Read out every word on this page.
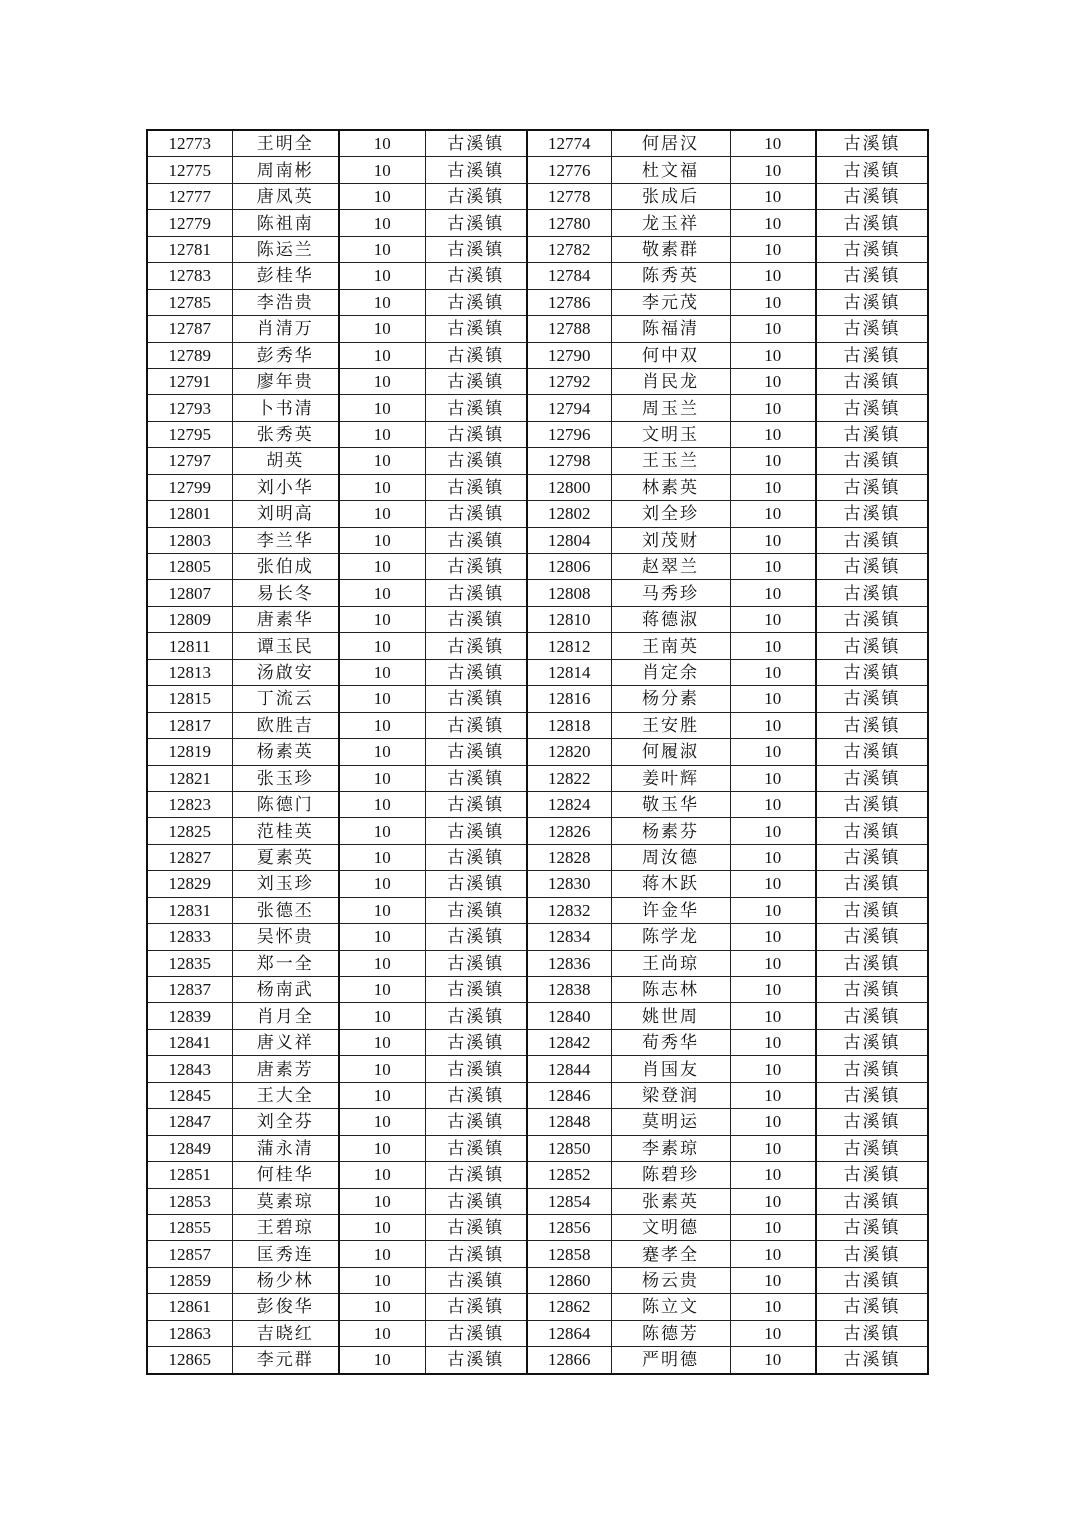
12773	王明全	10	古溪镇	12774	何居汉	10	古溪镇
12775	周南彬	10	古溪镇	12776	杜文福	10	古溪镇
12777	唐凤英	10	古溪镇	12778	张成后	10	古溪镇
12779	陈祖南	10	古溪镇	12780	龙玉祥	10	古溪镇
12781	陈运兰	10	古溪镇	12782	敬素群	10	古溪镇
12783	彭桂华	10	古溪镇	12784	陈秀英	10	古溪镇
12785	李浩贵	10	古溪镇	12786	李元茂	10	古溪镇
12787	肖清万	10	古溪镇	12788	陈福清	10	古溪镇
12789	彭秀华	10	古溪镇	12790	何中双	10	古溪镇
12791	廖年贵	10	古溪镇	12792	肖民龙	10	古溪镇
12793	卜书清	10	古溪镇	12794	周玉兰	10	古溪镇
12795	张秀英	10	古溪镇	12796	文明玉	10	古溪镇
12797	胡英	10	古溪镇	12798	王玉兰	10	古溪镇
12799	刘小华	10	古溪镇	12800	林素英	10	古溪镇
12801	刘明高	10	古溪镇	12802	刘全珍	10	古溪镇
12803	李兰华	10	古溪镇	12804	刘茂财	10	古溪镇
12805	张伯成	10	古溪镇	12806	赵翠兰	10	古溪镇
12807	易长冬	10	古溪镇	12808	马秀珍	10	古溪镇
12809	唐素华	10	古溪镇	12810	蒋德淑	10	古溪镇
12811	谭玉民	10	古溪镇	12812	王南英	10	古溪镇
12813	汤啟安	10	古溪镇	12814	肖定余	10	古溪镇
12815	丁流云	10	古溪镇	12816	杨分素	10	古溪镇
12817	欧胜吉	10	古溪镇	12818	王安胜	10	古溪镇
12819	杨素英	10	古溪镇	12820	何履淑	10	古溪镇
12821	张玉珍	10	古溪镇	12822	姜叶辉	10	古溪镇
12823	陈德门	10	古溪镇	12824	敬玉华	10	古溪镇
12825	范桂英	10	古溪镇	12826	杨素芬	10	古溪镇
12827	夏素英	10	古溪镇	12828	周汝德	10	古溪镇
12829	刘玉珍	10	古溪镇	12830	蒋木跃	10	古溪镇
12831	张德丕	10	古溪镇	12832	许金华	10	古溪镇
12833	吴怀贵	10	古溪镇	12834	陈学龙	10	古溪镇
12835	郑一全	10	古溪镇	12836	王尚琼	10	古溪镇
12837	杨南武	10	古溪镇	12838	陈志林	10	古溪镇
12839	肖月全	10	古溪镇	12840	姚世周	10	古溪镇
12841	唐义祥	10	古溪镇	12842	荀秀华	10	古溪镇
12843	唐素芳	10	古溪镇	12844	肖国友	10	古溪镇
12845	王大全	10	古溪镇	12846	梁登润	10	古溪镇
12847	刘全芬	10	古溪镇	12848	莫明运	10	古溪镇
12849	蒲永清	10	古溪镇	12850	李素琼	10	古溪镇
12851	何桂华	10	古溪镇	12852	陈碧珍	10	古溪镇
12853	莫素琼	10	古溪镇	12854	张素英	10	古溪镇
12855	王碧琼	10	古溪镇	12856	文明德	10	古溪镇
12857	匡秀连	10	古溪镇	12858	蹇孝全	10	古溪镇
12859	杨少林	10	古溪镇	12860	杨云贵	10	古溪镇
12861	彭俊华	10	古溪镇	12862	陈立文	10	古溪镇
12863	吉晓红	10	古溪镇	12864	陈德芳	10	古溪镇
12865	李元群	10	古溪镇	12866	严明德	10	古溪镇
